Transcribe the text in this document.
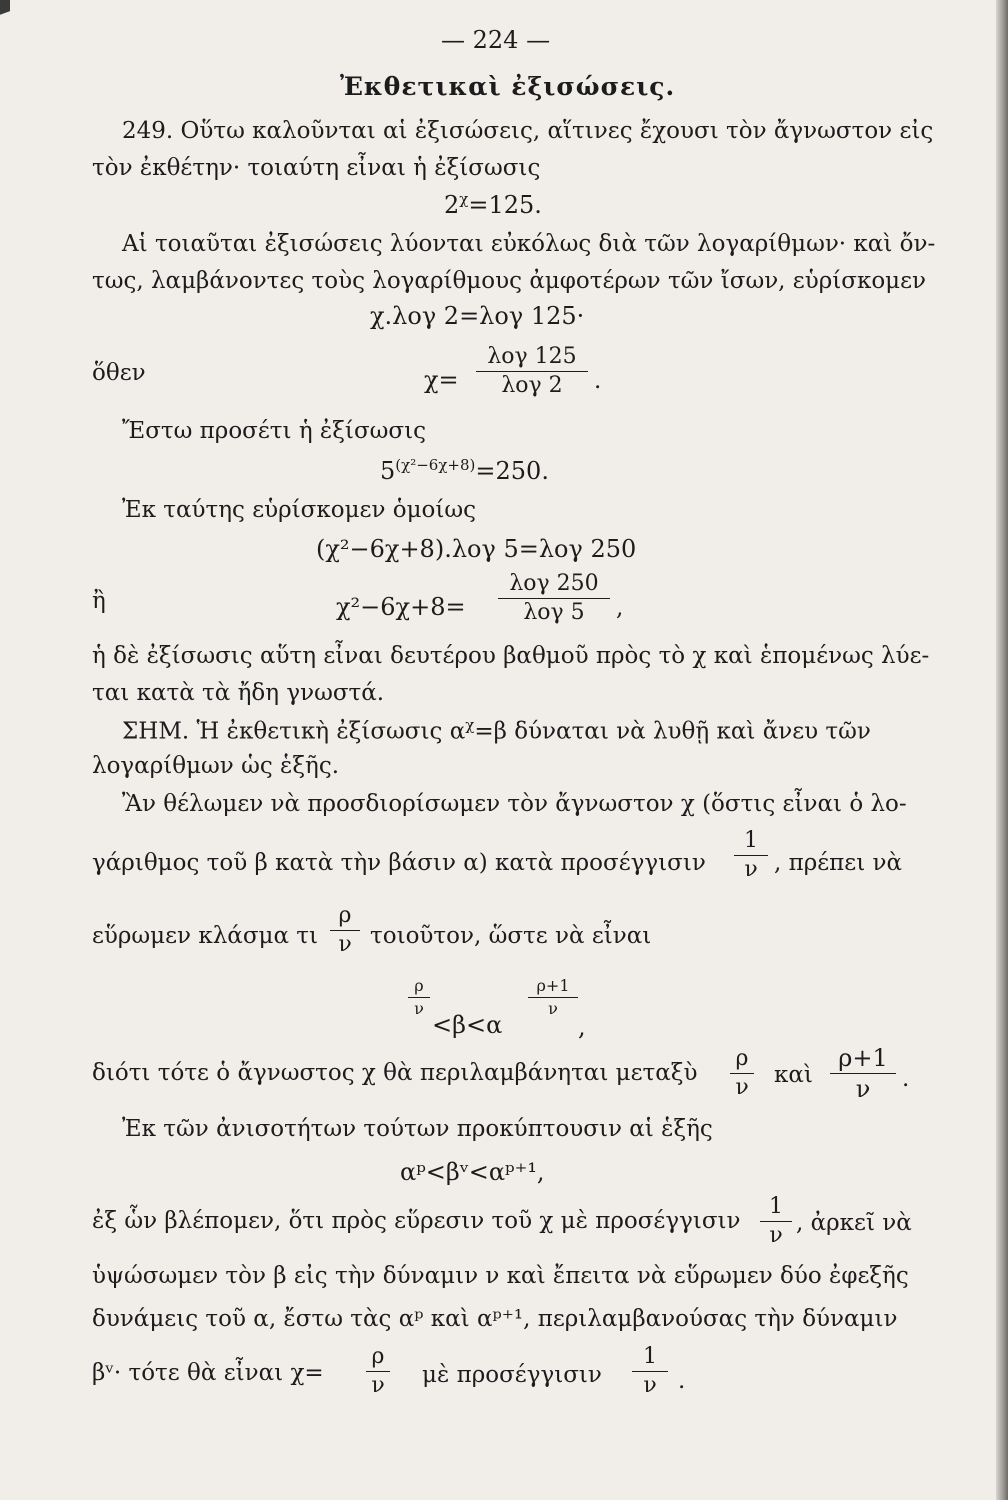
— 224 —
Ἐκθετικαὶ ἐξισώσεις.
249. Οὕτω καλοῦνται αἱ ἐξισώσεις, αἵτινες ἔχουσι τὸν ἄγνωστον εἰς
τὸν ἐκθέτην· τοιαύτη εἶναι ἡ ἐξίσωσις
$2^\chi=125$.
Αἱ τοιαῦται ἐξισώσεις λύονται εὐκόλως διὰ τῶν λογαρίθμων· καὶ ὄν-
τως, λαμβάνοντες τοὺς λογαρίθμους ἀμφοτέρων τῶν ἴσων, εὑρίσκομεν
χ.λογ 2=λογ 125·
ὅθεν	χ=
λογ 125
λογ 2 .
Ἔστω προσέτι ἡ ἐξίσωσις
$5^{(\chi^2-6\chi+8)}=250$.
Ἐκ ταύτης εὑρίσκομεν ὁμοίως
(χ²−6χ+8).λογ 5=λογ 250
ἢ	χ²−6χ+8=
λογ 250
λογ 5 ,
ἡ δὲ ἐξίσωσις αὕτη εἶναι δευτέρου βαθμοῦ πρὸς τὸ χ καὶ ἑπομένως λύε-
ται κατὰ τὰ ἤδη γνωστά.
ΣΗΜ. Ἡ ἐκθετικὴ ἐξίσωσις $\alpha^\chi=\beta$ δύναται νὰ λυθῇ καὶ ἄνευ τῶν
λογαρίθμων ὡς ἑξῆς.
Ἂν θέλωμεν νὰ προσδιορίσωμεν τὸν ἄγνωστον χ (ὅστις εἶναι ὁ λο-
γάριθμος τοῦ β κατὰ τὴν βάσιν α) κατὰ προσέγγισιν
1
ν , πρέπει νὰ
εὕρωμεν κλάσμα τι
ρ
ν τοιοῦτον, ὥστε νὰ εἶναι
ρ
ν
<β<α
ρ+1
ν
,
διότι τότε ὁ ἄγνωστος χ θὰ περιλαμβάνηται μεταξὺ
ρ
ν καὶ
ρ+1
ν .
Ἐκ τῶν ἀνισοτήτων τούτων προκύπτουσιν αἱ ἑξῆς
αᵖ<βᵛ<αᵖ⁺¹,
ἐξ ὧν βλέπομεν, ὅτι πρὸς εὕρεσιν τοῦ χ μὲ προσέγγισιν
1
ν , ἀρκεῖ νὰ
ὑψώσωμεν τὸν β εἰς τὴν δύναμιν ν καὶ ἔπειτα νὰ εὕρωμεν δύο ἐφεξῆς
δυνάμεις τοῦ α, ἔστω τὰς αᵖ καὶ αᵖ⁺¹, περιλαμβανούσας τὴν δύναμιν
βᵛ· τότε θὰ εἶναι χ=
ρ
ν μὲ προσέγγισιν
1
ν .
